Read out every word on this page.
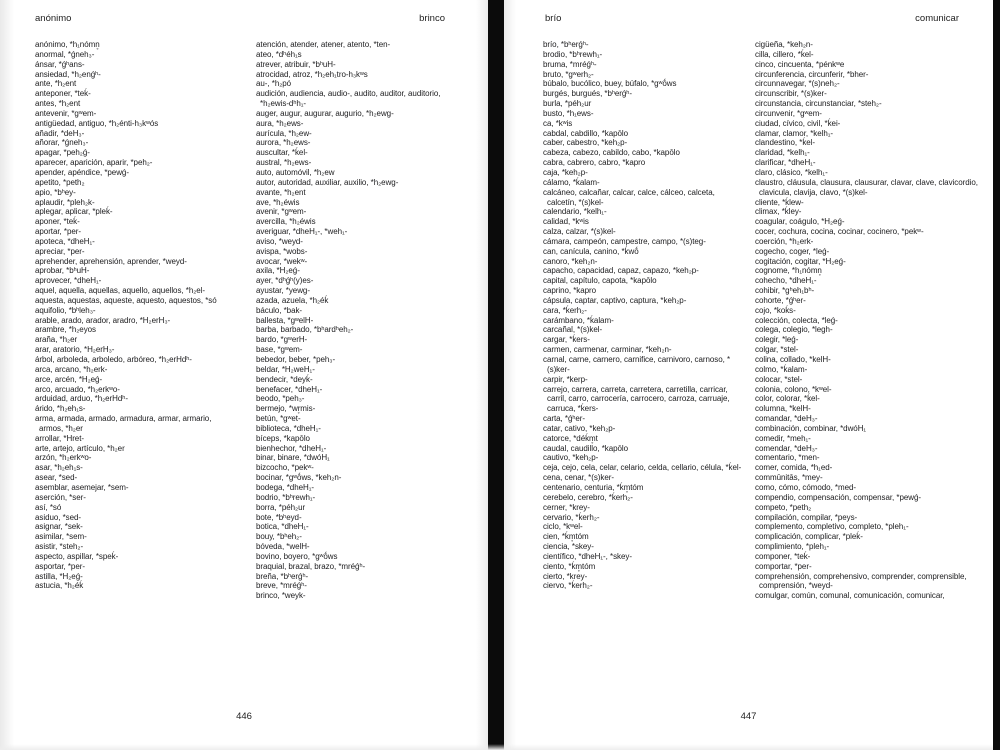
anónimo	brinco
anónimo, *h₁nómn̥
anormal, *ǵneh₃-
ánsar, *ǵʰans-
ansiedad, *h₂enǵʰ-
ante, *h₂ent
anteponer, *teḱ-
antes, *h₂ent
antevenir, *gʷem-
antigüedad, antiguo, *h₂énti-h₃kʷós
añadir, *deH₃-
añorar, *ǵneh₃-
apagar, *peh₂ǵ-
aparecer, aparición, aparir, *peh₂-
apender, apéndice, *pewǵ-
apetito, *peth₂
apio, *bʰey-
aplaudir, *pleh₂k-
aplegar, aplicar, *pleḱ-
aponer, *teḱ-
aportar, *per-
apoteca, *dheH₁-
apreciar, *per-
aprehender, aprehensión, aprender, *weyd-
aprobar, *bʰuH-
aprovecer, *dheH₁-
aquel, aquella, aquellas, aquello, aquellos, *h₂el-
aquesta, aquestas, aqueste, aquesto, aquestos, *só
aquifolio, *bʰleh₃-
arable, arado, arador, aradro, *H₂erH₃-
arambre, *h₂eyos
araña, *h₂er
arar, aratorio, *H₂erH₃-
árbol, arboleda, arboledo, arbóreo, *h₂erHdʰ-
arca, arcano, *h₂erk-
arce, arcén, *H₂eǵ-
arco, arcuado, *h₂erkʷo-
arduidad, arduo, *h₂erHdʰ-
árido, *h₂eh₁s-
arma, armada, armado, armadura, armar, armario, armos, *h₂er
arrollar, *Hret-
arte, artejo, artículo, *h₂er
arzón, *h₂erkʷo-
asar, *h₂eh₁s-
asear, *sed-
asemblar, asemejar, *sem-
aserción, *ser-
así, *só
asiduo, *sed-
asignar, *sek-
asimilar, *sem-
asistir, *steh₂-
aspecto, aspillar, *speḱ-
asportar, *per-
astilla, *H₂eǵ-
astucia, *h₂éḱ
atención, atender, atener, atento, *ten-
ateo, *dʰéh₁s
atrever, atribuir, *bʰuH-
atrocidad, atroz, *h₂eh₁tro-h₃kʷs
au-, *h₂pó
audición, audiencia, audio-, audito, auditor, auditorio, *h₂ewis-dʰh₁-
auger, augur, augurar, augurio, *h₂ewg-
aura, *h₂ews-
aurícula, *h₂ew-
aurora, *h₂ews-
auscultar, *ḱel-
austral, *h₂ews-
auto, automóvil, *h₂ew
autor, autoridad, auxiliar, auxilio, *h₂ewg-
avante, *h₂ent
ave, *h₂éwis
avenir, *gʷem-
avercilla, *h₂éwis
averiguar, *dheH₁-, *weh₁-
aviso, *weyd-
avispa, *wobs-
avocar, *wekʷ-
axila, *H₂eǵ-
ayer, *dʰǵʰ(y)es-
ayustar, *yewg-
azada, azuela, *h₂éḱ
báculo, *bak-
ballesta, *gʷelH-
barba, barbado, *bʰardʰeh₂-
bardo, *gʷerH-
base, *gʷem-
bebedor, beber, *peh₃-
beldar, *H₂weH₁-
bendecir, *deyḱ-
benefacer, *dheH₁-
beodo, *peh₃-
bermejo, *wr̥mis-
betún, *gʷet-
biblioteca, *dheH₁-
bíceps, *kapōlo
bienhechor, *dheH₁-
binar, binare, *dwóH₁
bizcocho, *pekʷ-
bocinar, *gʷṓws, *keh₂n-
bodega, *dheH₁-
bodrio, *bʰrewh₁-
borra, *péh₂ur
bote, *bʰeyd-
botica, *dheH₁-
bouy, *bʰeh₂-
bóveda, *welH-
bovino, boyero, *gʷṓws
braquial, brazal, brazo, *mréǵʰ-
breña, *bʰerǵʰ-
breve, *mréǵʰ-
brinco, *weyk-
446
brío	comunicar
brío, *bʰerǵʰ-
brodio, *bʰrewh₁-
bruma, *mréǵʰ-
bruto, *gʷerh₂-
búbalo, bucólico, buey, búfalo, *gʷṓws
burgés, burgués, *bʰerǵʰ-
burla, *péh₂ur
busto, *h₁ews-
ca, *kʷis
cabdal, cabdillo, *kapōlo
caber, cabestro, *keh₂p-
cabeza, cabezo, cabildo, cabo, *kapōlo
cabra, cabrero, cabro, *kapro
caja, *keh₂p-
cálamo, *ḱalam-
calcáneo, calcañar, calcar, calce, cálceo, calceta, calcetín, *(s)kel-
calendario, *kelh₁-
calidad, *kʷis
calza, calzar, *(s)kel-
cámara, campeón, campestre, campo, *(s)teg-
can, canícula, canino, *ḱwṓ
canoro, *keh₂n-
capacho, capacidad, capaz, capazo, *keh₂p-
capital, capítulo, capota, *kapōlo
caprino, *kapro
cápsula, captar, captivo, captura, *keh₂p-
cara, *ḱerh₂-
carámbano, *ḱalam-
carcañal, *(s)kel-
cargar, *ḱers-
carmen, carmenar, carminar, *keh₂n-
carnal, carne, carnero, carnifice, carnivoro, carnoso, *(s)ker-
carpir, *kerp-
carrejo, carrera, carreta, carretera, carretilla, carricar, carril, carro, carrocería, carrocero, carroza, carruaje, carruca, *ḱers-
carta, *ǵʰer-
catar, cativo, *keh₂p-
catorce, *déḱm̥t
caudal, caudillo, *kapōlo
cautivo, *keh₂p-
ceja, cejo, cela, celar, celario, celda, cellario, célula, *ḱel-
cena, cenar, *(s)ker-
centenario, centuria, *ḱm̥tóm
cerebelo, cerebro, *ḱerh₂-
cerner, *krey-
cervario, *ḱerh₂-
ciclo, *kʷel-
cien, *ḱm̥tóm
ciencia, *skey-
científico, *dheH₁-, *skey-
ciento, *ḱm̥tóm
cierto, *krey-
ciervo, *ḱerh₂-
cigüeña, *keh₂n-
cilla, cillero, *ḱel-
cinco, cincuenta, *pénkʷe
circunferencia, circunferir, *bher-
circunnavegar, *(s)neh₂-
circunscribir, *(s)ker-
circunstancia, circunstanciar, *steh₂-
circunvenir, *gʷem-
ciudad, cívico, civil, *ḱei-
clamar, clamor, *kelh₁-
clandestino, *ḱel-
claridad, *kelh₁-
clarificar, *dheH₁-
claro, clásico, *kelh₁-
claustro, cláusula, clausura, clausurar, clavar, clave, clavicordio, clavicula, clavija, clavo, *(s)kel-
cliente, *ḱlew-
climax, *ḱley-
coagular, coágulo, *H₂eǵ-
cocer, cochura, cocina, cocinar, cocinero, *pekʷ-
coerción, *h₂erk-
cogecho, coger, *leǵ-
cogitación, cogitar, *H₂eǵ-
cognome, *h₁nómn̥
cohecho, *dheH₁-
cohibir, *gʰeh₁bʰ-
cohorte, *ǵʰer-
cojo, *koḱs-
colección, colecta, *leǵ-
colega, colegio, *legh-
colegir, *leǵ-
colgar, *stel-
colina, collado, *kelH-
colmo, *ḱalam-
colocar, *stel-
colonia, colono, *kʷel-
color, colorar, *ḱel-
columna, *kelH-
comandar, *deH₃-
combinación, combinar, *dwóH₁
comedir, *meh₁-
comendar, *deH₃-
comentario, *men-
comer, comida, *h₁ed-
commūnitās, *mey-
como, cómo, cómodo, *med-
compendio, compensación, compensar, *pewǵ-
competo, *peth₂
compilación, compilar, *peys-
complemento, completivo, completo, *pleh₁-
complicación, complicar, *pleḱ-
complimiento, *pleh₁-
componer, *teḱ-
comportar, *per-
comprehensión, comprehensivo, comprender, comprensible, comprensión, *weyd-
comulgar, común, comunal, comunicación, comunicar,
447
